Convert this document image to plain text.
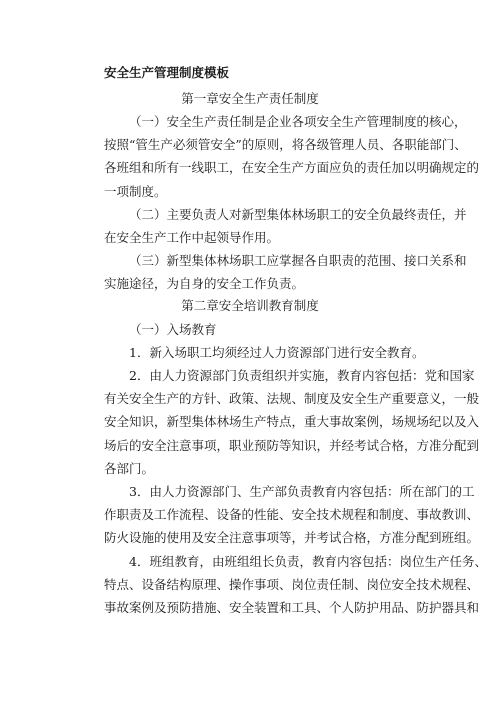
安全生产管理制度模板
第一章安全生产责任制度
（一）安全生产责任制是企业各项安全生产管理制度的核心，
按照“管生产必须管安全”的原则，将各级管理人员、各职能部门、
各班组和所有一线职工，在安全生产方面应负的责任加以明确规定的
一项制度。
（二）主要负责人对新型集体林场职工的安全负最终责任，并
在安全生产工作中起领导作用。
（三）新型集体林场职工应掌握各自职责的范围、接口关系和
实施途径，为自身的安全工作负责。
第二章安全培训教育制度
（一）入场教育
1．新入场职工均须经过人力资源部门进行安全教育。
2．由人力资源部门负责组织并实施，教育内容包括：党和国家
有关安全生产的方针、政策、法规、制度及安全生产重要意义，一般
安全知识，新型集体林场生产特点，重大事故案例，场规场纪以及入
场后的安全注意事项，职业预防等知识，并经考试合格，方准分配到
各部门。
3．由人力资源部门、生产部负责教育内容包括：所在部门的工
作职责及工作流程、设备的性能、安全技术规程和制度、事故教训、
防火设施的使用及安全注意事项等，并考试合格，方准分配到班组。
4．班组教育，由班组组长负责，教育内容包括：岗位生产任务、
特点、设备结构原理、操作事项、岗位责任制、岗位安全技术规程、
事故案例及预防措施、安全装置和工具、个人防护用品、防护器具和
